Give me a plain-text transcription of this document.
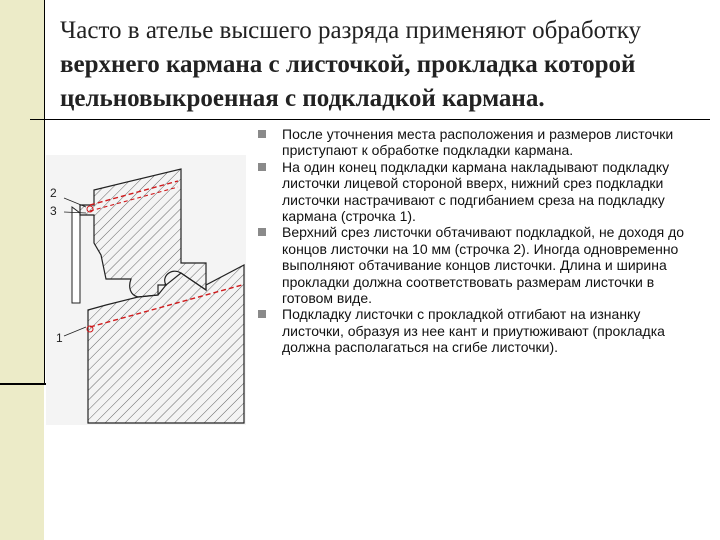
Часто в ателье высшего разряда применяют обработку
верхнего кармана с листочкой, прокладка которой
цельновыкроенная с подкладкой кармана.
2
3
1
После уточнения места расположения и размеров листочки приступают к обработке подкладки кармана.
На один конец подкладки кармана накладывают подкладку листочки лицевой стороной вверх, нижний срез подкладки листочки настрачивают с подгибанием среза на подкладку кармана (строчка 1).
Верхний срез листочки обтачивают подкладкой, не доходя до концов листочки на 10 мм (строчка 2). Иногда одновременно выполняют обтачивание концов листочки. Длина и ширина прокладки должна соответствовать размерам листочки в готовом виде.
Подкладку листочки с прокладкой отгибают на изнанку листочки, образуя из нее кант и приутюживают (прокладка должна располагаться на сгибе листочки).
